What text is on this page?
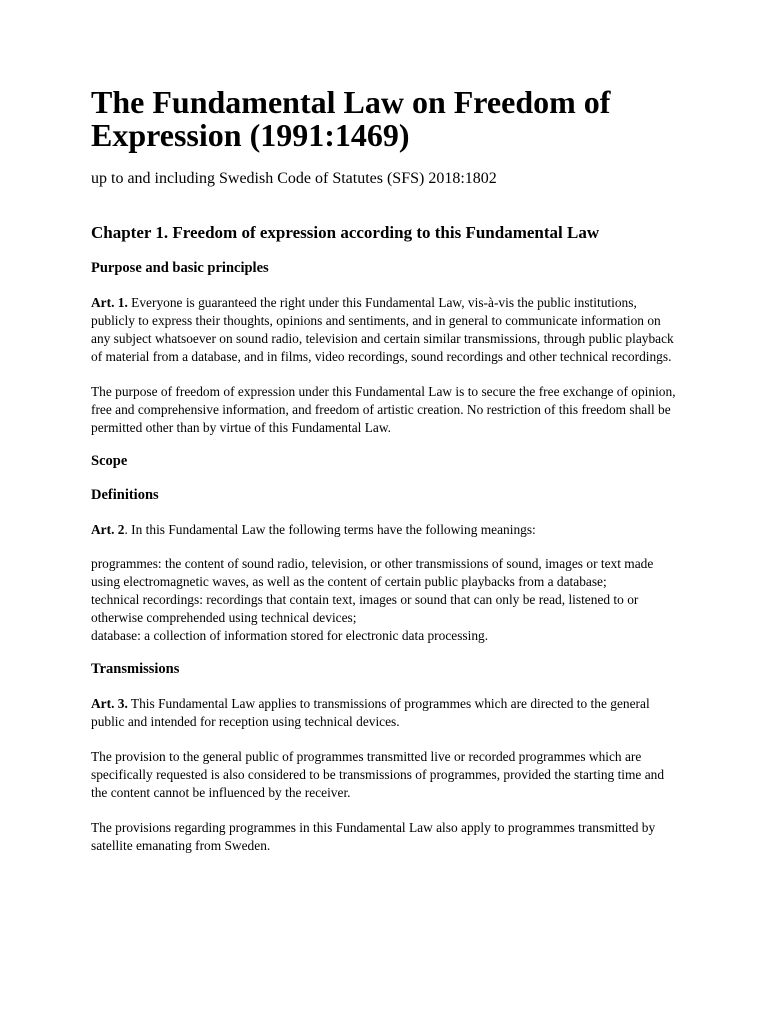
The Fundamental Law on Freedom of Expression (1991:1469)
up to and including Swedish Code of Statutes (SFS) 2018:1802
Chapter 1. Freedom of expression according to this Fundamental Law
Purpose and basic principles

Art. 1. Everyone is guaranteed the right under this Fundamental Law, vis-à-vis the public institutions, publicly to express their thoughts, opinions and sentiments, and in general to communicate information on any subject whatsoever on sound radio, television and certain similar transmissions, through public playback of material from a database, and in films, video recordings, sound recordings and other technical recordings.

The purpose of freedom of expression under this Fundamental Law is to secure the free exchange of opinion, free and comprehensive information, and freedom of artistic creation. No restriction of this freedom shall be permitted other than by virtue of this Fundamental Law.

Scope
Definitions

Art. 2. In this Fundamental Law the following terms have the following meanings:

programmes: the content of sound radio, television, or other transmissions of sound, images or text made using electromagnetic waves, as well as the content of certain public playbacks from a database;
technical recordings: recordings that contain text, images or sound that can only be read, listened to or otherwise comprehended using technical devices;
database: a collection of information stored for electronic data processing.
Transmissions

Art. 3. This Fundamental Law applies to transmissions of programmes which are directed to the general public and intended for reception using technical devices.

The provision to the general public of programmes transmitted live or recorded programmes which are specifically requested is also considered to be transmissions of programmes, provided the starting time and the content cannot be influenced by the receiver.

The provisions regarding programmes in this Fundamental Law also apply to programmes transmitted by satellite emanating from Sweden.
